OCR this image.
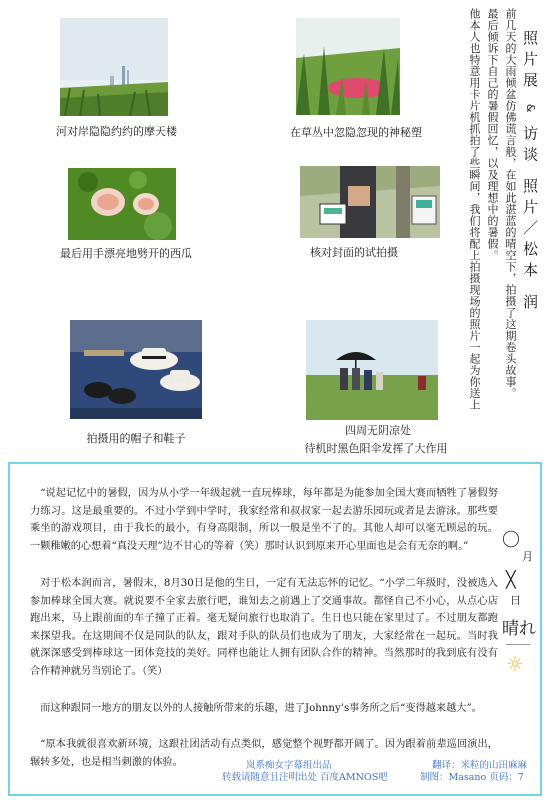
河对岸隐隐约约的摩天楼	在草丛中忽隐忽现的神秘塑
最后用手漂亮地劈开的西瓜	核对封面的试拍摄
拍摄用的帽子和鞋子
四周无阴凉处
待机时黑色阳伞发挥了大作用
前几天的大雨倾盆仿佛谎言般，在如此湛蓝的晴空下，拍摄了这期卷头故事。
最后倾诉下自己的暑假回忆，以及理想中的暑假。
他本人也特意用卡片机抓拍了些瞬间，我们将配上拍摄现场的照片一起为你送上	照片展 & 访谈 照片／松本 润
“说起记忆中的暑假，因为从小学一年级起就一直玩棒球，每年都是为能参加全国大赛而牺牲了暑假努力练习。这是最重要的。不过小学到中学时，我家经常和叔叔家一起去游乐园玩或者是去游泳。那些要乘坐的游戏项目，由于我长的最小，有身高限制，所以一般是坐不了的。其他人却可以毫无顾忌的玩。一颗稚嫩的心想着“真没天理”边不甘心的等着（笑）那时认识到原来开心里面也是会有无奈的啊。”
对于松本润而言，暑假末，8月30日是他的生日，一定有无法忘怀的记忆。“小学二年级时，没被选入参加棒球全国大赛。就说要不全家去旅行吧，谁知去之前遇上了交通事故。都怪自己不小心，从点心店跑出来，马上跟前面的车子撞了正着。毫无疑问旅行也取消了。生日也只能在家里过了。不过朋友都跑来探望我。在这期间不仅是同队的队友，跟对手队的队员们也成为了朋友，大家经常在一起玩。当时我就深深感受到棒球这一团体竞技的美好。同样也能让人拥有团队合作的精神。当然那时的我到底有没有合作精神就另当别论了。（笑）
而这种跟同一地方的朋友以外的人接触所带来的乐趣，进了Johnny’s事务所之后“变得越来越大”。
“原本我就很喜欢新环境，这跟社团活动有点类似，感觉整个视野都开阔了。因为跟着前辈巡回演出，辗转多处，也是相当刺激的体验。
〇
月
╳
日
晴れ
☼
岚系痴女字幕组出品
转载请随意且注明出处 百度AMNOS吧
翻译：米粒的山田麻麻
制图：Masano 页码：7
